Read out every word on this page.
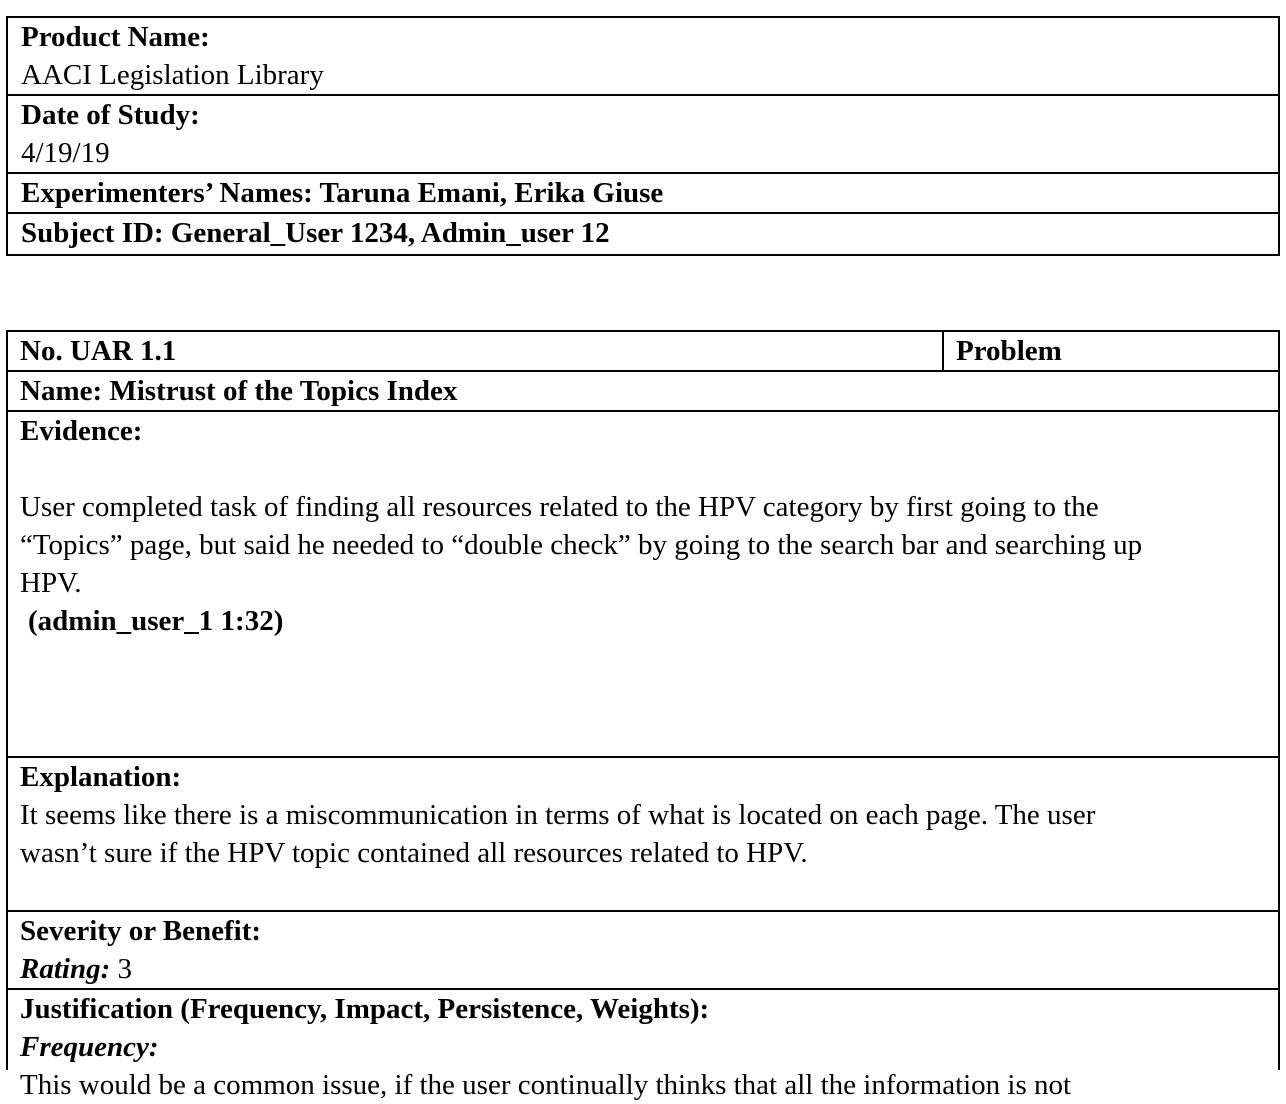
Product Name:
AACI Legislation Library
Date of Study:
4/19/19
Experimenters’ Names: Taruna Emani, Erika Giuse
Subject ID: General_User 1234, Admin_user 12
No. UAR 1.1	Problem
Name: Mistrust of the Topics Index
Evidence:
User completed task of finding all resources related to the HPV category by first going to the
“Topics” page, but said he needed to “double check” by going to the search bar and searching up
HPV.
(admin_user_1 1:32)
Explanation:
It seems like there is a miscommunication in terms of what is located on each page. The user
wasn’t sure if the HPV topic contained all resources related to HPV.
Severity or Benefit:
Rating: 3
Justification (Frequency, Impact, Persistence, Weights):
Frequency:
This would be a common issue, if the user continually thinks that all the information is not
